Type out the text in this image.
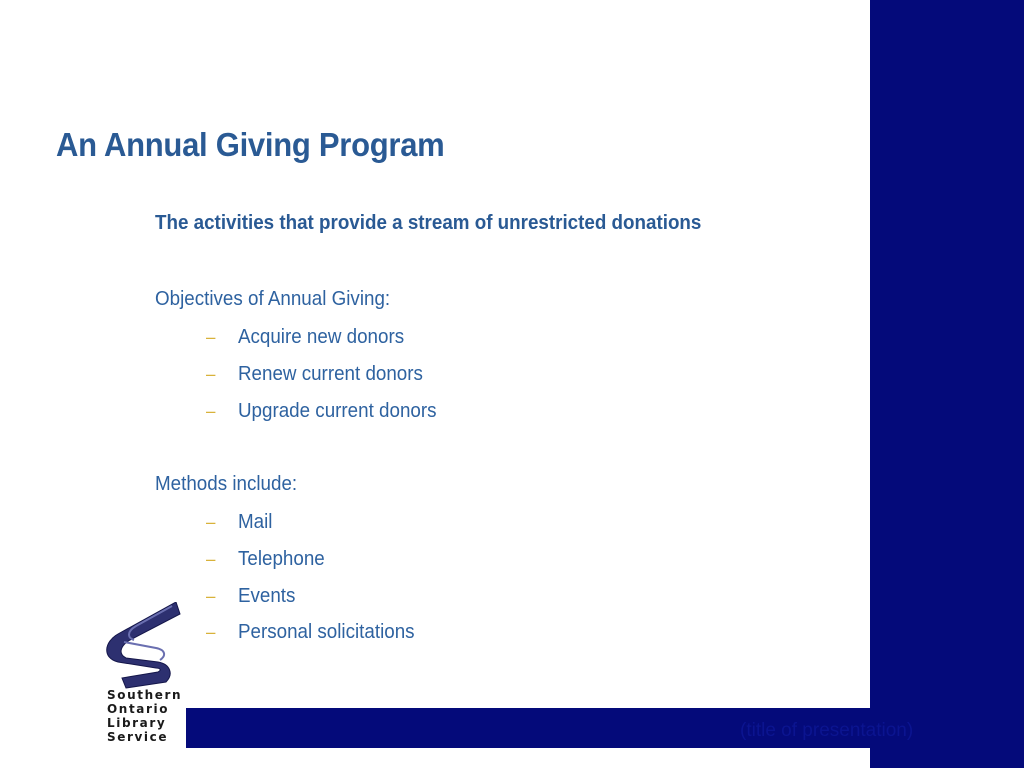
(title of presentation)
An Annual Giving Program

The activities that provide a stream of unrestricted donations

Objectives of Annual Giving:

–	Acquire new donors
–	Renew current donors
–	Upgrade current donors

Methods include:

–	Mail
–	Telephone
–	Events
–	Personal solicitations
Southern
Ontario
Library
Service
